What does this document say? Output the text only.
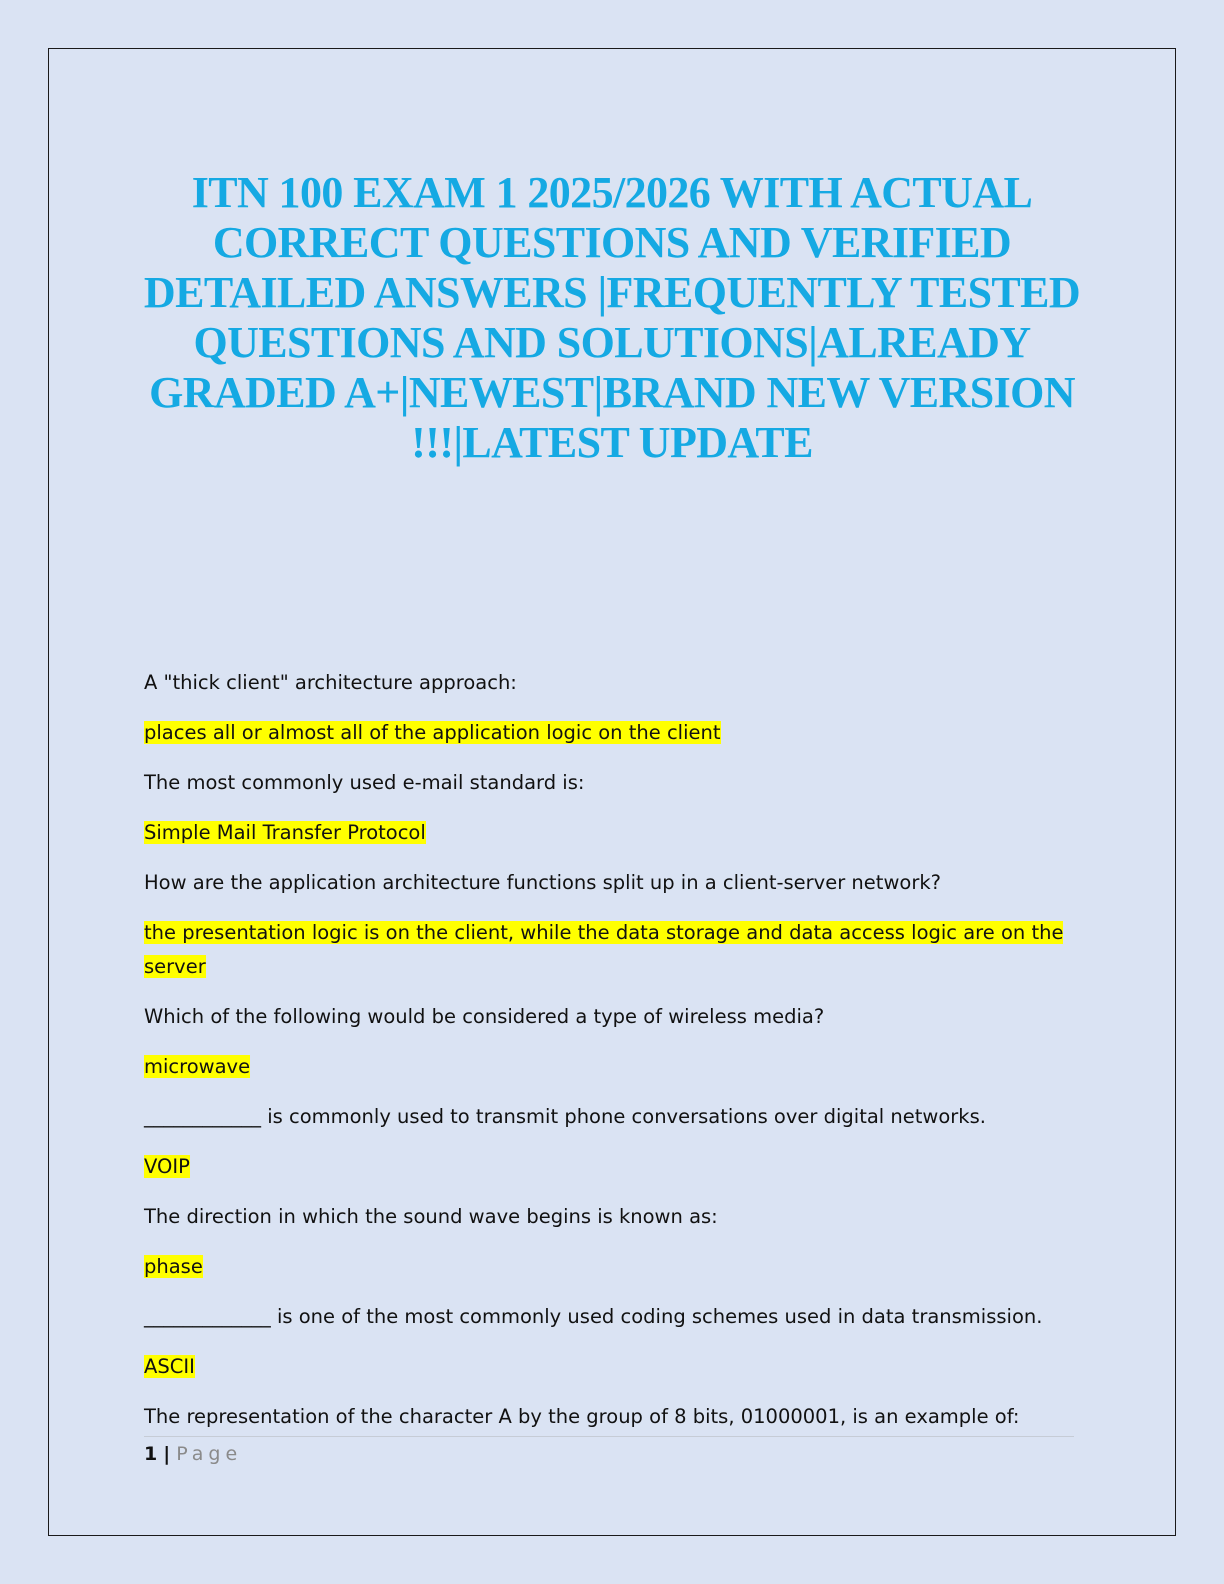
ITN 100 EXAM 1 2025/2026 WITH ACTUAL CORRECT QUESTIONS AND VERIFIED DETAILED ANSWERS |FREQUENTLY TESTED QUESTIONS AND SOLUTIONS|ALREADY GRADED A+|NEWEST|BRAND NEW VERSION !!!|LATEST UPDATE
A "thick client" architecture approach:
places all or almost all of the application logic on the client
The most commonly used e-mail standard is:
Simple Mail Transfer Protocol
How are the application architecture functions split up in a client-server network?
the presentation logic is on the client, while the data storage and data access logic are on the server
Which of the following would be considered a type of wireless media?
microwave
____________ is commonly used to transmit phone conversations over digital networks.
VOIP
The direction in which the sound wave begins is known as:
phase
_____________ is one of the most commonly used coding schemes used in data transmission.
ASCII
The representation of the character A by the group of 8 bits, 01000001, is an example of:
1 | Page
